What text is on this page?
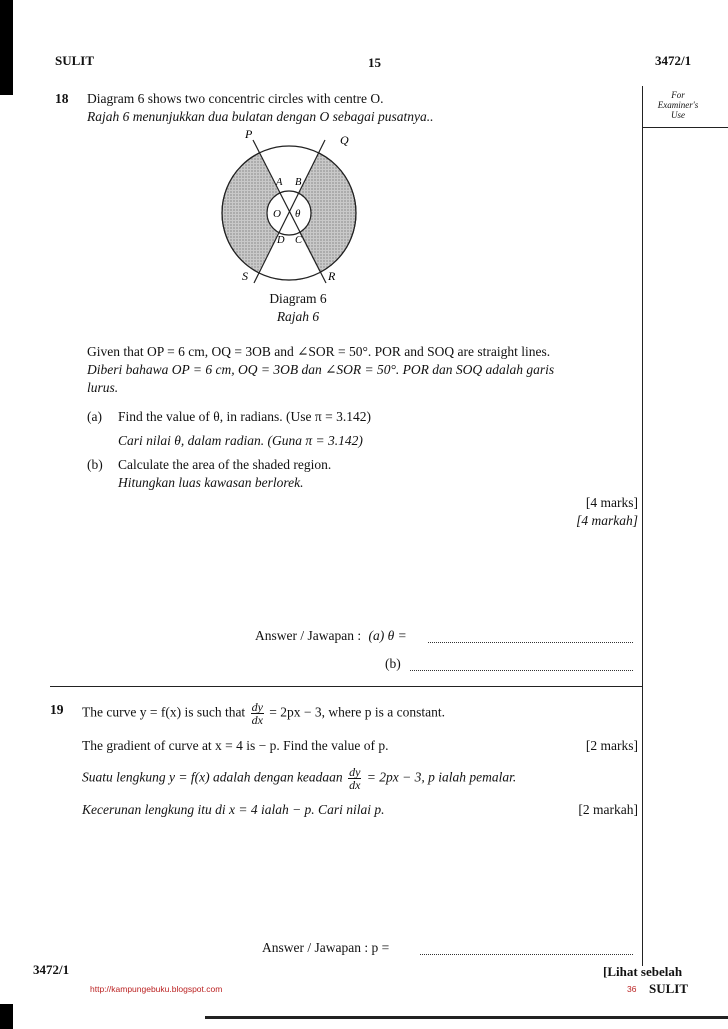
SULIT	15	3472/1
For
Examiner's
Use
18 Diagram 6 shows two concentric circles with centre O.
Rajah 6 menunjukkan dua bulatan dengan O sebagai pusatnya..
P	Q
S	R
A B
C
D
O θ
Diagram 6
Rajah 6
Given that OP = 6 cm, OQ = 3OB and ∠SOR = 50°. POR and SOQ are straight lines.
Diberi bahawa OP = 6 cm, OQ = 3OB dan ∠SOR = 50°. POR dan SOQ adalah garis
lurus.
(a) Find the value of θ, in radians. (Use π = 3.142)
Cari nilai θ, dalam radian. (Guna π = 3.142)
(b) Calculate the area of the shaded region.
Hitungkan luas kawasan berlorek.
[4 marks]
[4 markah]
Answer / Jawapan : (a) θ =
(b)
19 The curve y = f(x) is such that $\frac{dy}{dx} = 2px - 3$, where p is a constant.
The gradient of curve at x = 4 is − p. Find the value of p.	[2 marks]
Suatu lengkung y = f(x) adalah dengan keadaan $\frac{dy}{dx} = 2px - 3$, p ialah pemalar.
Kecerunan lengkung itu di x = 4 ialah − p. Cari nilai p.	[2 markah]
Answer / Jawapan : p =
3472/1
http://kampungebuku.blogspot.com
[Lihat sebelah
36 SULIT
